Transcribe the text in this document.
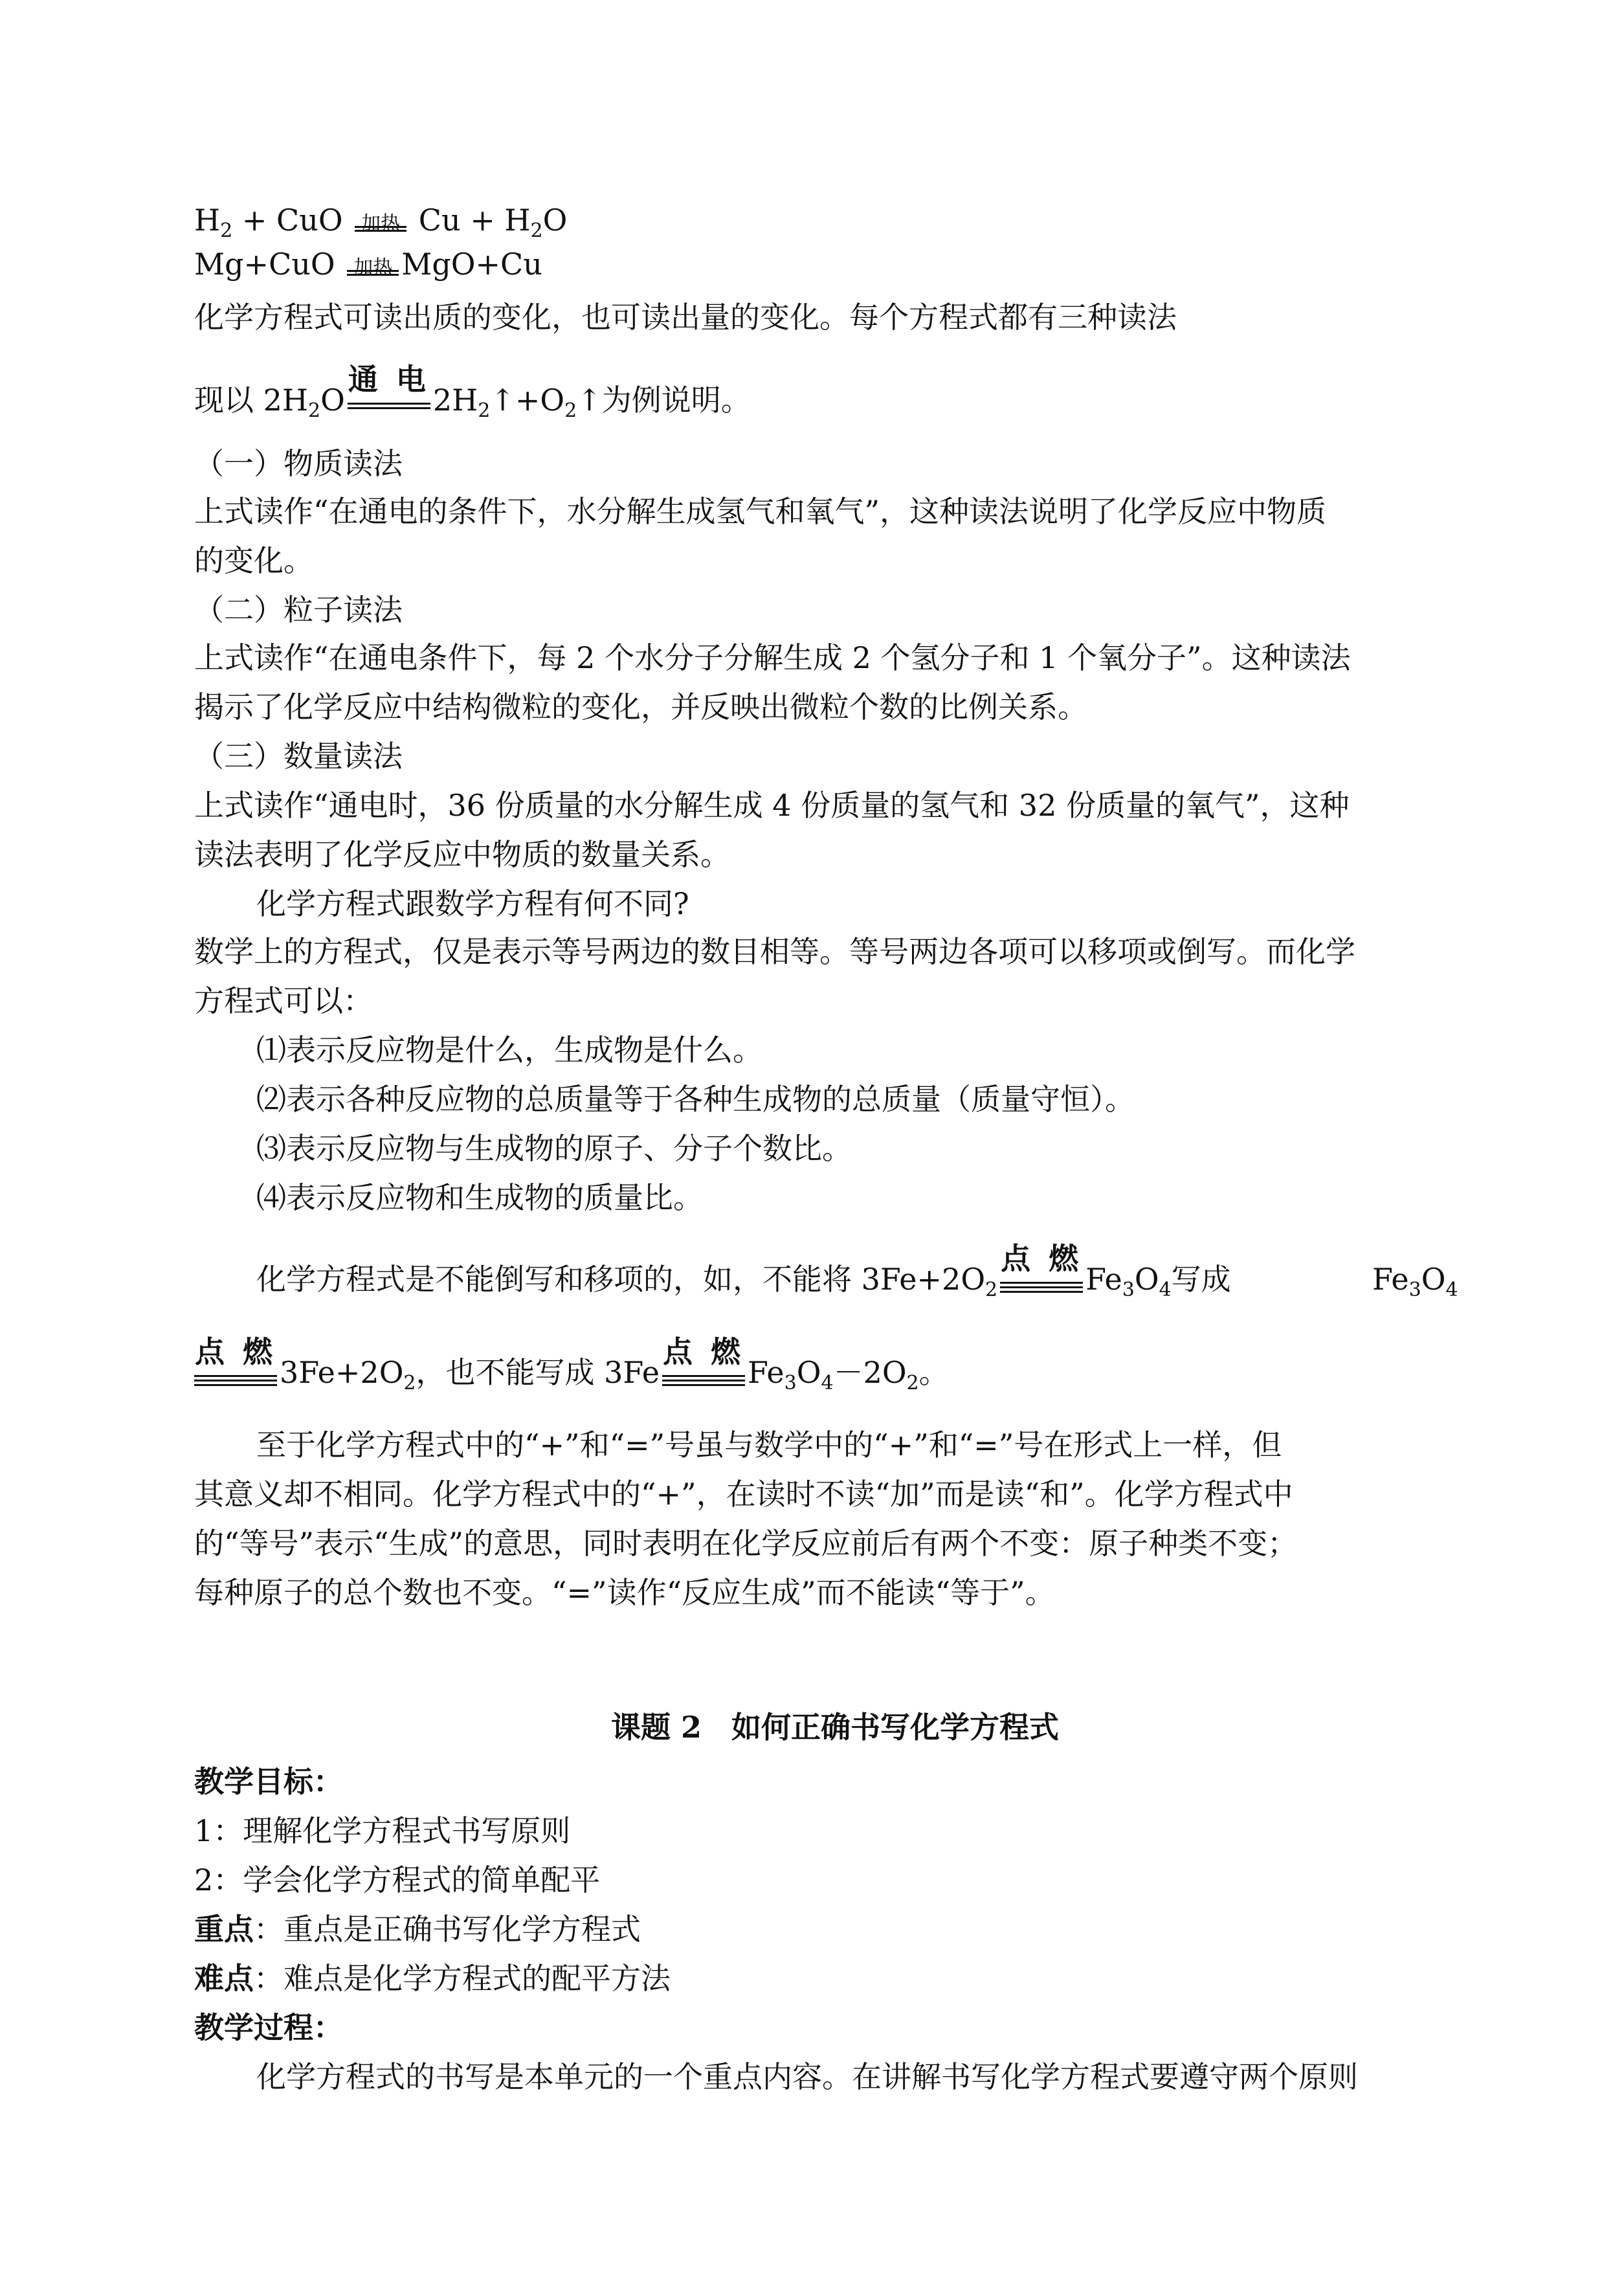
$H_2$ + CuO 加热 $Cu + H_2O$
Mg+CuO 加热 MgO+Cu
化学方程式可读出质的变化，也可读出量的变化。每个方程式都有三种读法
现以 $2H_2O$
通 电
$2H_2↑+O_2↑$为例说明。
（一）物质读法
上式读作“在通电的条件下，水分解生成氢气和氧气”，这种读法说明了化学反应中物质
的变化。
（二）粒子读法
上式读作“在通电条件下，每 2 个水分子分解生成 2 个氢分子和 1 个氧分子”。这种读法
揭示了化学反应中结构微粒的变化，并反映出微粒个数的比例关系。
（三）数量读法
上式读作“通电时，36 份质量的水分解生成 4 份质量的氢气和 32 份质量的氧气”，这种
读法表明了化学反应中物质的数量关系。
化学方程式跟数学方程有何不同?
数学上的方程式，仅是表示等号两边的数目相等。等号两边各项可以移项或倒写。而化学
方程式可以：
⑴表示反应物是什么，生成物是什么。
⑵表示各种反应物的总质量等于各种生成物的总质量（质量守恒）。
⑶表示反应物与生成物的原子、分子个数比。
⑷表示反应物和生成物的质量比。
化学方程式是不能倒写和移项的，如，不能将 $3Fe+2O_2$
点 燃
$Fe_3O_4$写成	$Fe_3O_4$
点 燃
$3Fe+2O_2$，也不能写成 3Fe
点 燃
$Fe_3O_4-2O_2$。
至于化学方程式中的“+”和“=”号虽与数学中的“+”和“=”号在形式上一样，但
其意义却不相同。化学方程式中的“+”，在读时不读“加”而是读“和”。化学方程式中
的“等号”表示“生成”的意思，同时表明在化学反应前后有两个不变：原子种类不变；
每种原子的总个数也不变。“=”读作“反应生成”而不能读“等于”。
课题 2　如何正确书写化学方程式
教学目标：
1：理解化学方程式书写原则
2：学会化学方程式的简单配平
重点：重点是正确书写化学方程式
难点：难点是化学方程式的配平方法
教学过程：
化学方程式的书写是本单元的一个重点内容。在讲解书写化学方程式要遵守两个原则
